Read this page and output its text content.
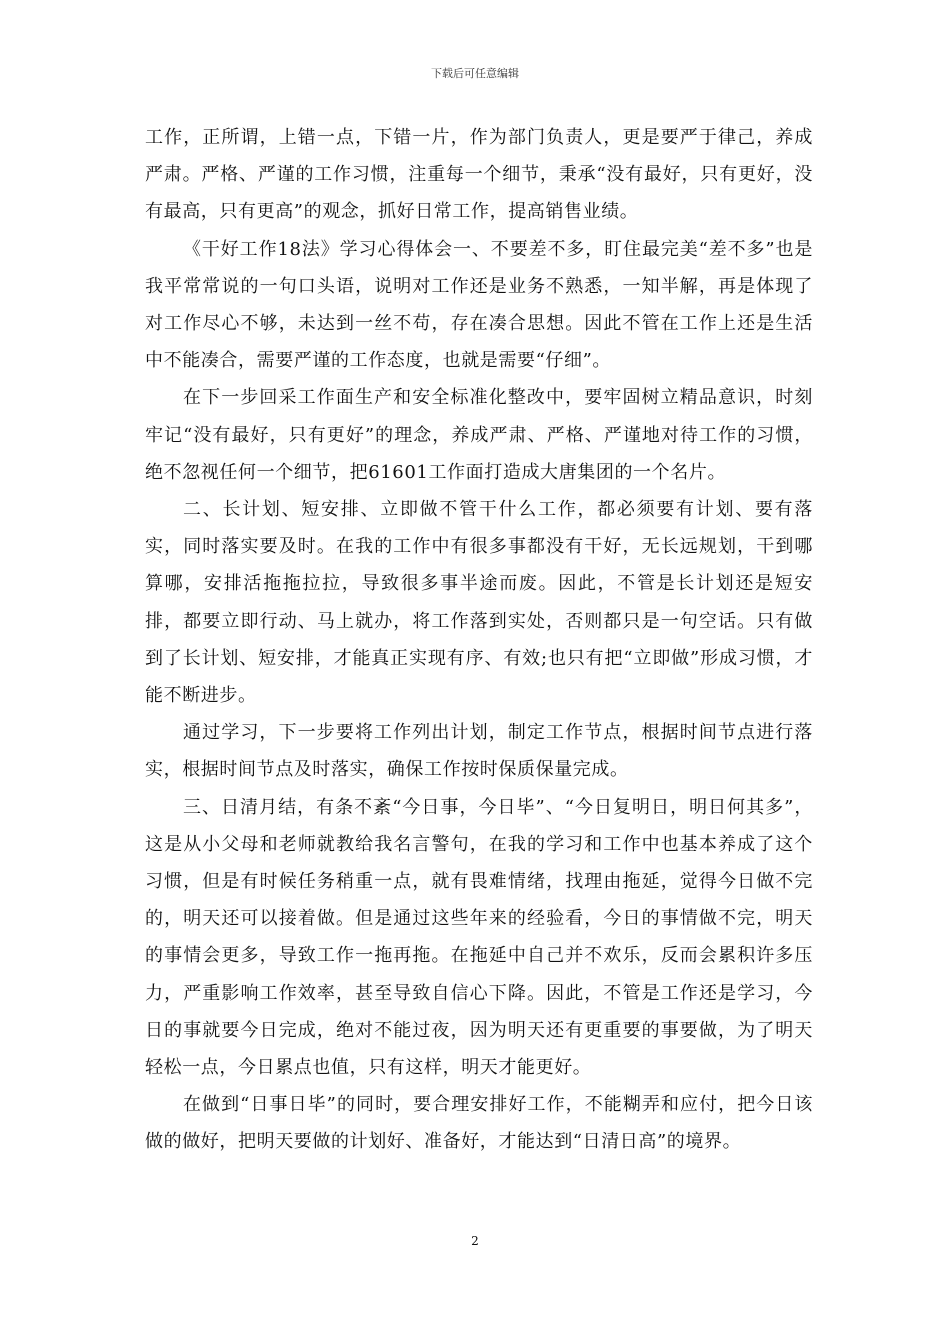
下载后可任意编辑

工作，正所谓，上错一点，下错一片，作为部门负责人，更是要严于律己，养成严肃。严格、严谨的工作习惯，注重每一个细节，秉承“没有最好，只有更好，没有最高，只有更高”的观念，抓好日常工作，提高销售业绩。

《干好工作18法》学习心得体会一、不要差不多，盯住最完美“差不多”也是我平常常说的一句口头语，说明对工作还是业务不熟悉，一知半解，再是体现了对工作尽心不够，未达到一丝不苟，存在凑合思想。因此不管在工作上还是生活中不能凑合，需要严谨的工作态度，也就是需要“仔细”。

在下一步回采工作面生产和安全标准化整改中，要牢固树立精品意识，时刻牢记“没有最好，只有更好”的理念，养成严肃、严格、严谨地对待工作的习惯，绝不忽视任何一个细节，把61601工作面打造成大唐集团的一个名片。

二、长计划、短安排、立即做不管干什么工作，都必须要有计划、要有落实，同时落实要及时。在我的工作中有很多事都没有干好，无长远规划，干到哪算哪，安排活拖拖拉拉，导致很多事半途而废。因此，不管是长计划还是短安排，都要立即行动、马上就办，将工作落到实处，否则都只是一句空话。只有做到了长计划、短安排，才能真正实现有序、有效;也只有把“立即做”形成习惯，才能不断进步。

通过学习，下一步要将工作列出计划，制定工作节点，根据时间节点进行落实，根据时间节点及时落实，确保工作按时保质保量完成。

三、日清月结，有条不紊“今日事，今日毕”、“今日复明日，明日何其多”，这是从小父母和老师就教给我名言警句，在我的学习和工作中也基本养成了这个习惯，但是有时候任务稍重一点，就有畏难情绪，找理由拖延，觉得今日做不完的，明天还可以接着做。但是通过这些年来的经验看，今日的事情做不完，明天的事情会更多，导致工作一拖再拖。在拖延中自己并不欢乐，反而会累积许多压力，严重影响工作效率，甚至导致自信心下降。因此，不管是工作还是学习，今日的事就要今日完成，绝对不能过夜，因为明天还有更重要的事要做，为了明天轻松一点，今日累点也值，只有这样，明天才能更好。

在做到“日事日毕”的同时，要合理安排好工作，不能糊弄和应付，把今日该做的做好，把明天要做的计划好、准备好，才能达到“日清日高”的境界。

2
